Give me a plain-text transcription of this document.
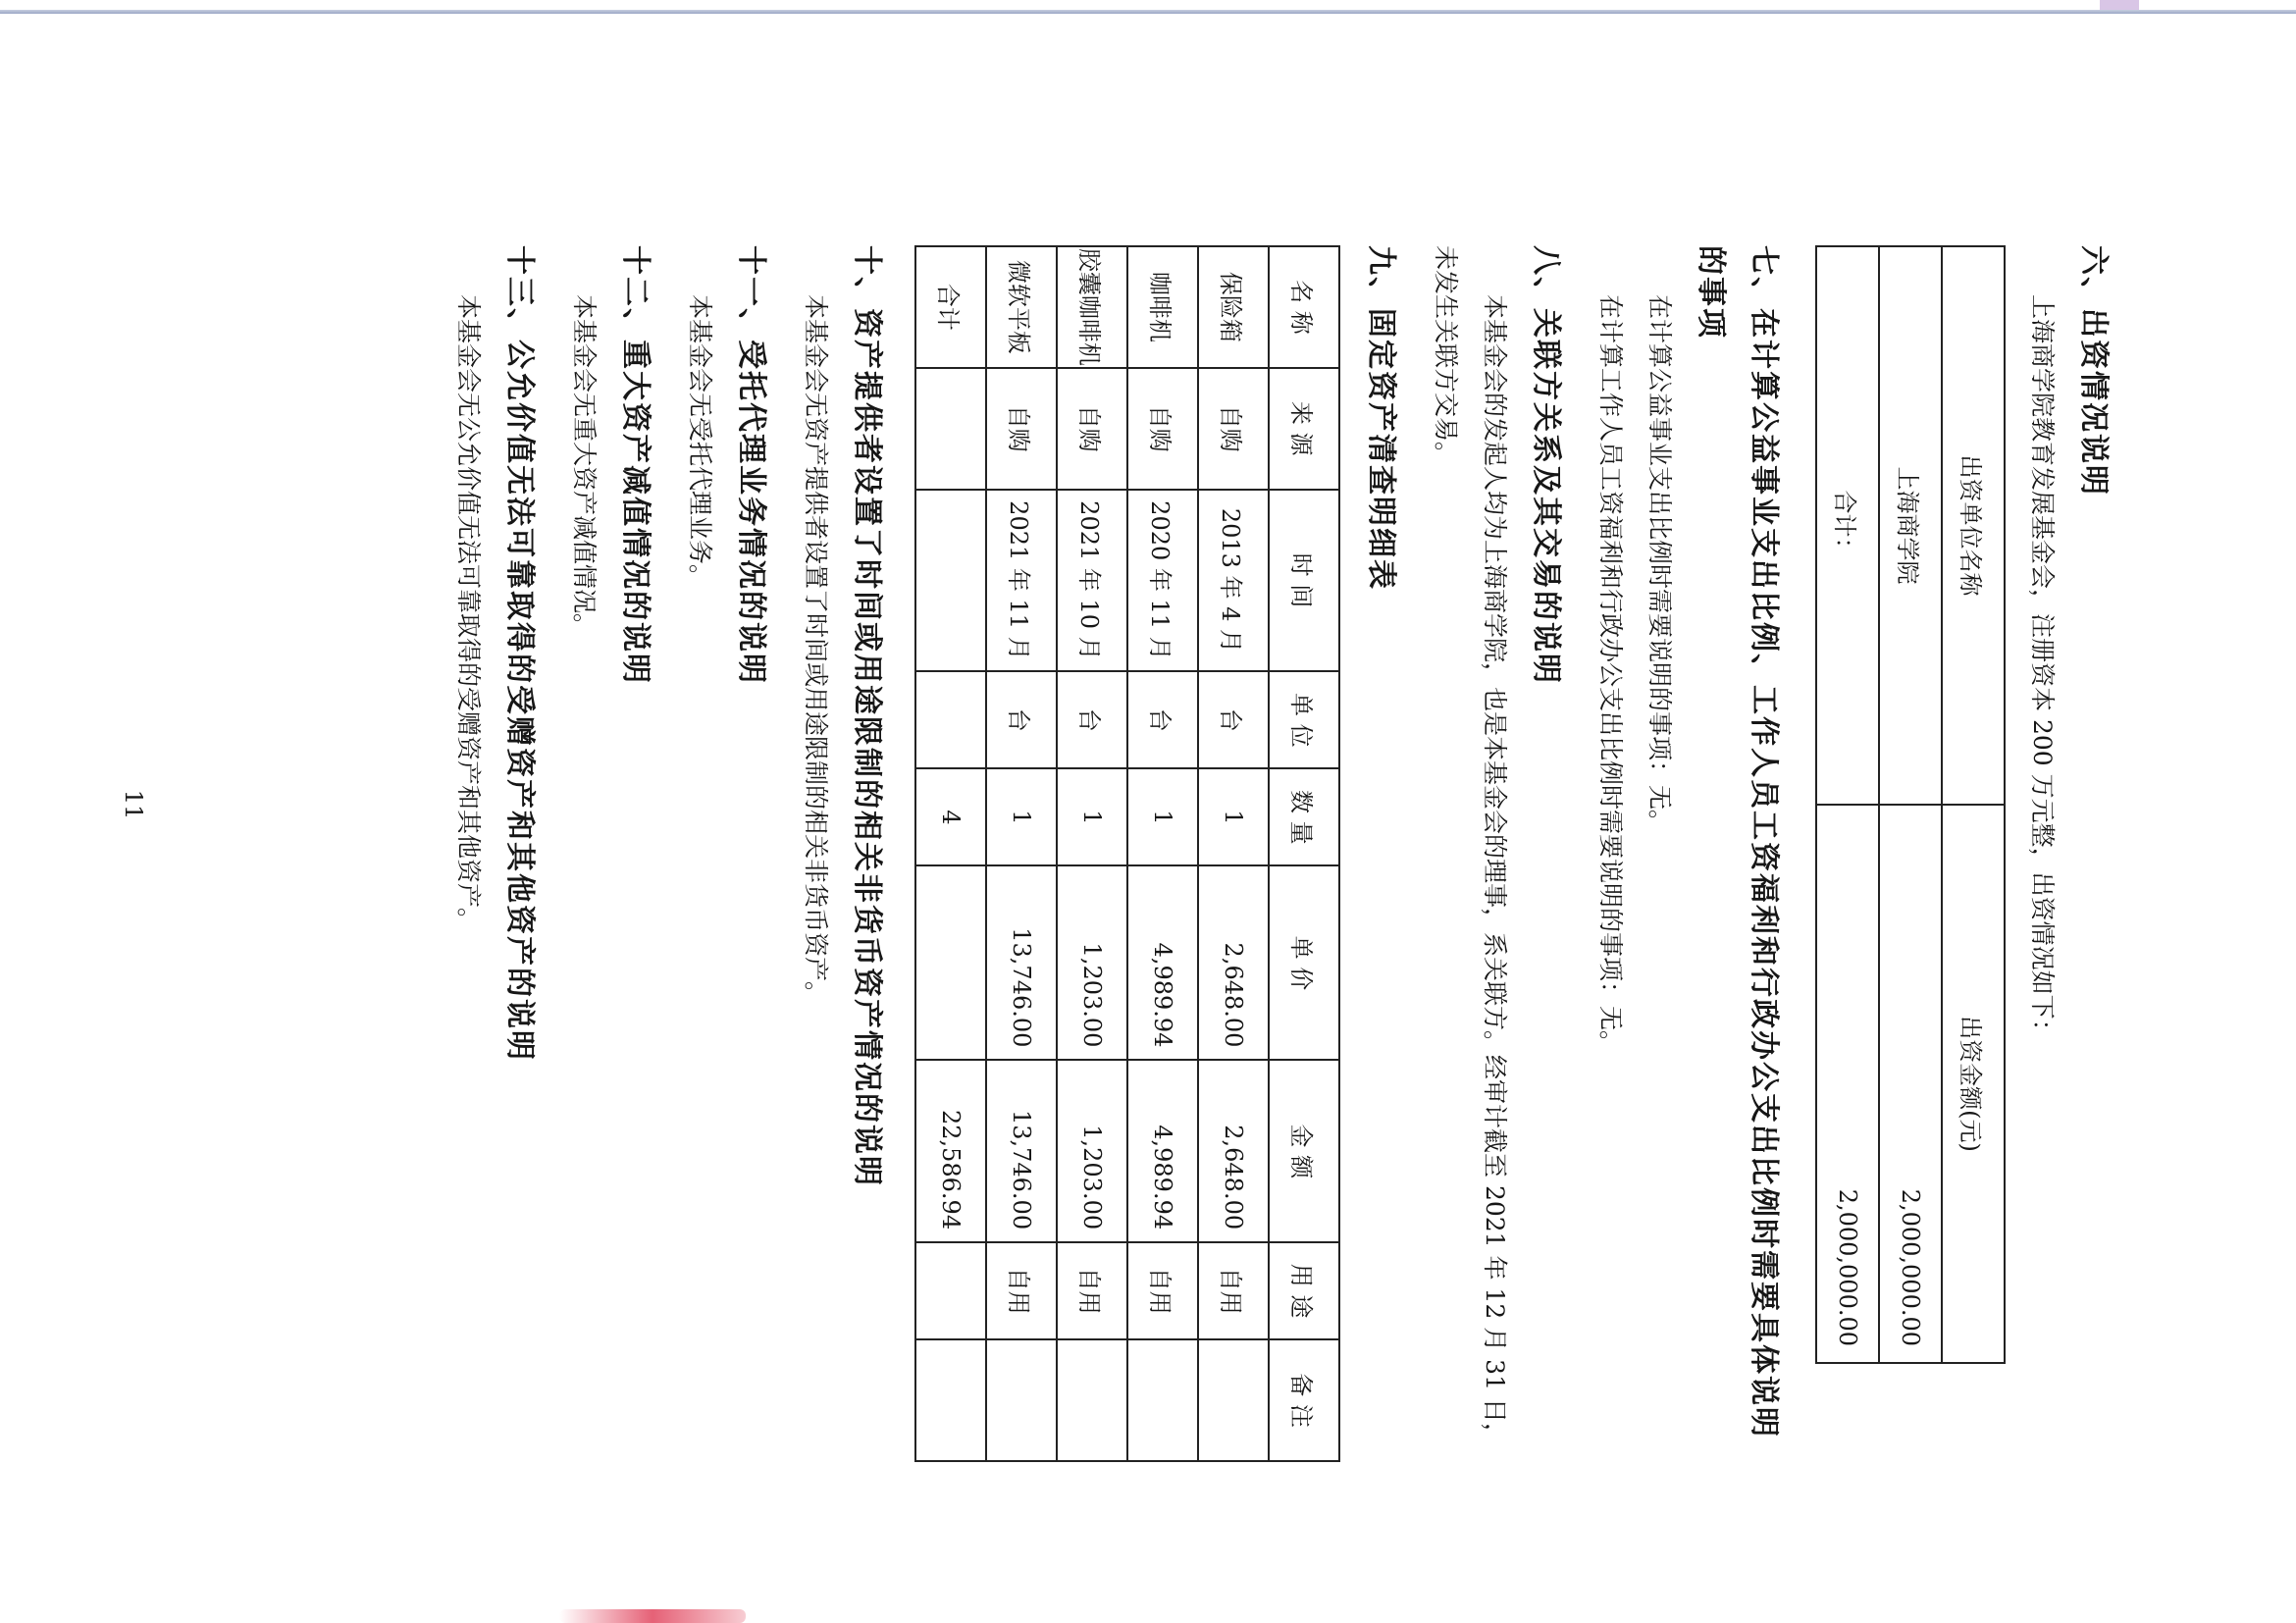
六、出资情况说明

上海商学院教育发展基金会，注册资本 200 万元整，出资情况如下：

出资单位名称	出资金额(元)
上海商学院	2,000,000.00
合计：	2,000,000.00
七、在计算公益事业支出比例、工作人员工资福利和行政办公支出比例时需要具体说明的事项

在计算公益事业支出比例时需要说明的事项：无。

在计算工作人员工资福利和行政办公支出比例时需要说明的事项：无。

八、关联方关系及其交易的说明

本基金会的发起人均为上海商学院，也是本基金会的理事，系关联方。经审计截至 2021 年 12 月 31 日，未发生关联方交易。

九、固定资产清查明细表
名 称	来 源	时 间	单 位	数 量	单 价	金 额	用 途	备 注
保险箱	自购	2013 年 4 月	台	1	2,648.00	2,648.00	自用	
咖啡机	自购	2020 年 11 月	台	1	4,989.94	4,989.94	自用	
胶囊咖啡机	自购	2021 年 10 月	台	1	1,203.00	1,203.00	自用	
微软平板	自购	2021 年 11 月	台	1	13,746.00	13,746.00	自用	
合计				4		22,586.94		
十、资产提供者设置了时间或用途限制的相关非货币资产情况的说明

本基金会无资产提供者设置了时间或用途限制的相关非货币资产。

十一、受托代理业务情况的说明

本基金会无受托代理业务。

十二、重大资产减值情况的说明

本基金会无重大资产减值情况。

十三、公允价值无法可靠取得的受赠资产和其他资产的说明

本基金会无公允价值无法可靠取得的受赠资产和其他资产。

11
